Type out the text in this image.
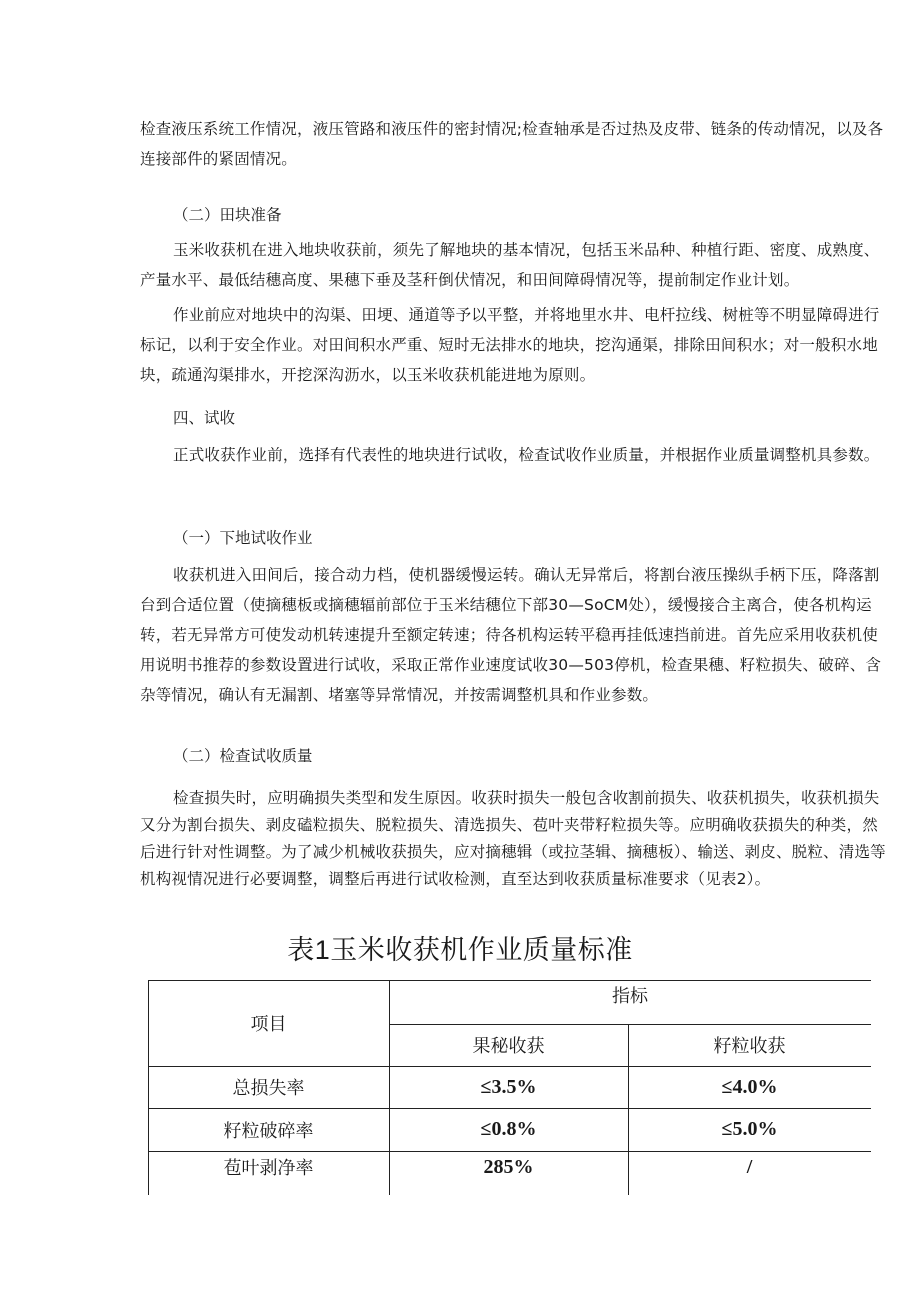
检查液压系统工作情况，液压管路和液压件的密封情况;检查轴承是否过热及皮带、链条的传动情况，以及各连接部件的紧固情况。

（二）田块准备

玉米收获机在进入地块收获前，须先了解地块的基本情况，包括玉米品种、种植行距、密度、成熟度、产量水平、最低结穗高度、果穗下垂及茎秆倒伏情况，和田间障碍情况等，提前制定作业计划。

作业前应对地块中的沟渠、田埂、通道等予以平整，并将地里水井、电杆拉线、树桩等不明显障碍进行标记，以利于安全作业。对田间积水严重、短时无法排水的地块，挖沟通渠，排除田间积水；对一般积水地块，疏通沟渠排水，开挖深沟沥水，以玉米收获机能进地为原则。

四、试收

正式收获作业前，选择有代表性的地块进行试收，检查试收作业质量，并根据作业质量调整机具参数。

（一）下地试收作业

收获机进入田间后，接合动力档，使机器缓慢运转。确认无异常后，将割台液压操纵手柄下压，降落割台到合适位置（使摘穗板或摘穗辐前部位于玉米结穗位下部30—SoCM处），缓慢接合主离合，使各机构运转，若无异常方可使发动机转速提升至额定转速；待各机构运转平稳再挂低速挡前进。首先应采用收获机使用说明书推荐的参数设置进行试收，采取正常作业速度试收30—503停机，检查果穗、籽粒损失、破碎、含杂等情况，确认有无漏割、堵塞等异常情况，并按需调整机具和作业参数。

（二）检查试收质量

检查损失时，应明确损失类型和发生原因。收获时损失一般包含收割前损失、收获机损失，收获机损失又分为割台损失、剥皮磕粒损失、脱粒损失、清选损失、苞叶夹带籽粒损失等。应明确收获损失的种类，然后进行针对性调整。为了减少机械收获损失，应对摘穗辑（或拉茎辑、摘穗板）、输送、剥皮、脱粒、清选等机构视情况进行必要调整，调整后再进行试收检测，直至达到收获质量标准要求（见表2）。

表1玉米收获机作业质量标准
项目
指标
果秘收获	籽粒收获
总损失率	≤3.5%	≤4.0%
籽粒破碎率	≤0.8%	≤5.0%
苞叶剥净率	285%	/
